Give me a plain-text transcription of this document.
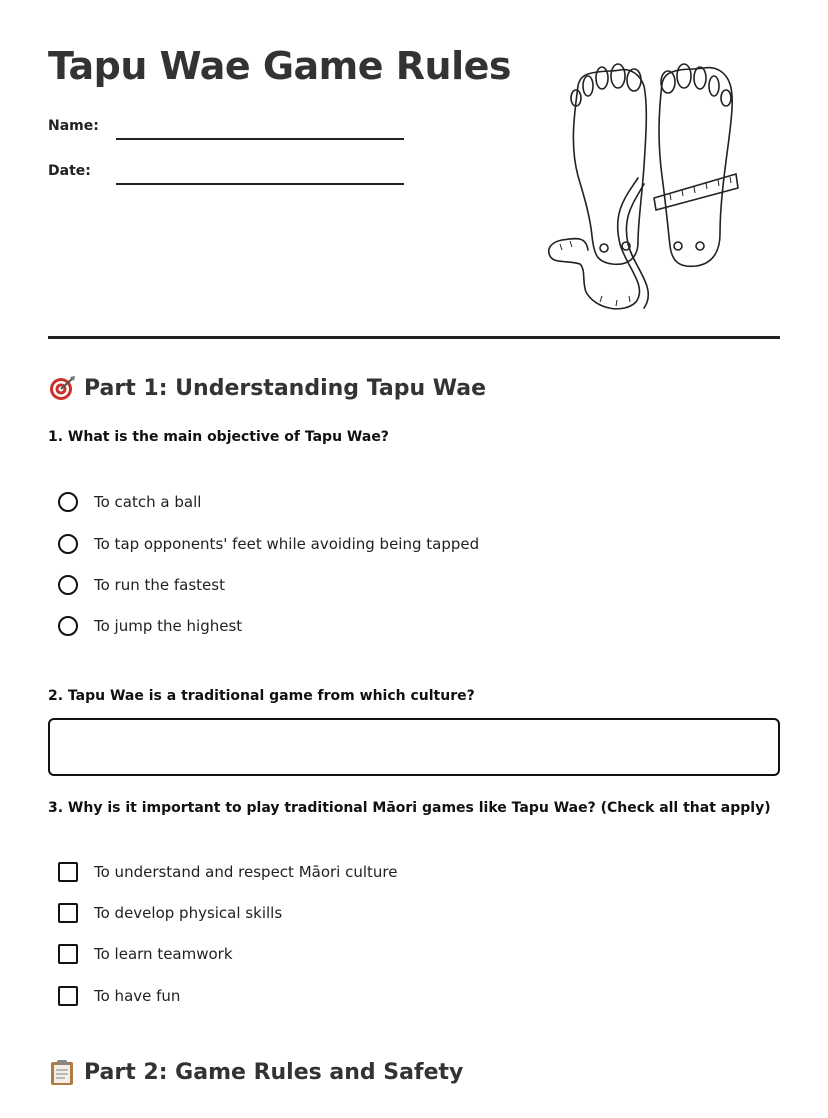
Tapu Wae Game Rules
Name:
Date:
Part 1: Understanding Tapu Wae

1. What is the main objective of Tapu Wae?

To catch a ball
To tap opponents' feet while avoiding being tapped
To run the fastest
To jump the highest

2. Tapu Wae is a traditional game from which culture?

3. Why is it important to play traditional Māori games like Tapu Wae? (Check all that apply)

To understand and respect Māori culture
To develop physical skills
To learn teamwork
To have fun
Part 2: Game Rules and Safety
